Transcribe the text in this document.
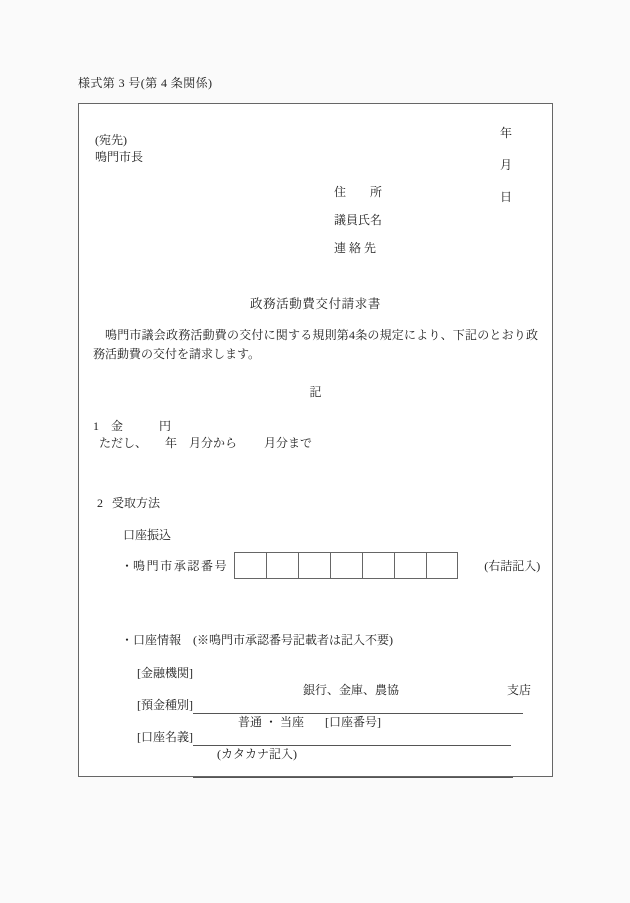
様式第 3 号(第 4 条関係)

年

月

日

(宛先)
鳴門市長
住　　所
議員氏名
連 絡 先
政務活動費交付請求書
鳴門市議会政務活動費の交付に関する規則第4条の規定により、下記のとおり政務活動費の交付を請求します。
記
1 金	円
ただし、 年 月分から 月分まで
2 受取方法
口座振込
・ 鳴門市承認番号	(右詰記入)
・口座情報　(※鳴門市承認番号記載者は記入不要)
[金融機関]

銀行、金庫、農協	支店

[預金種別]

普通 ・ 当座 [口座番号]

[口座名義]

(カタカナ記入)
